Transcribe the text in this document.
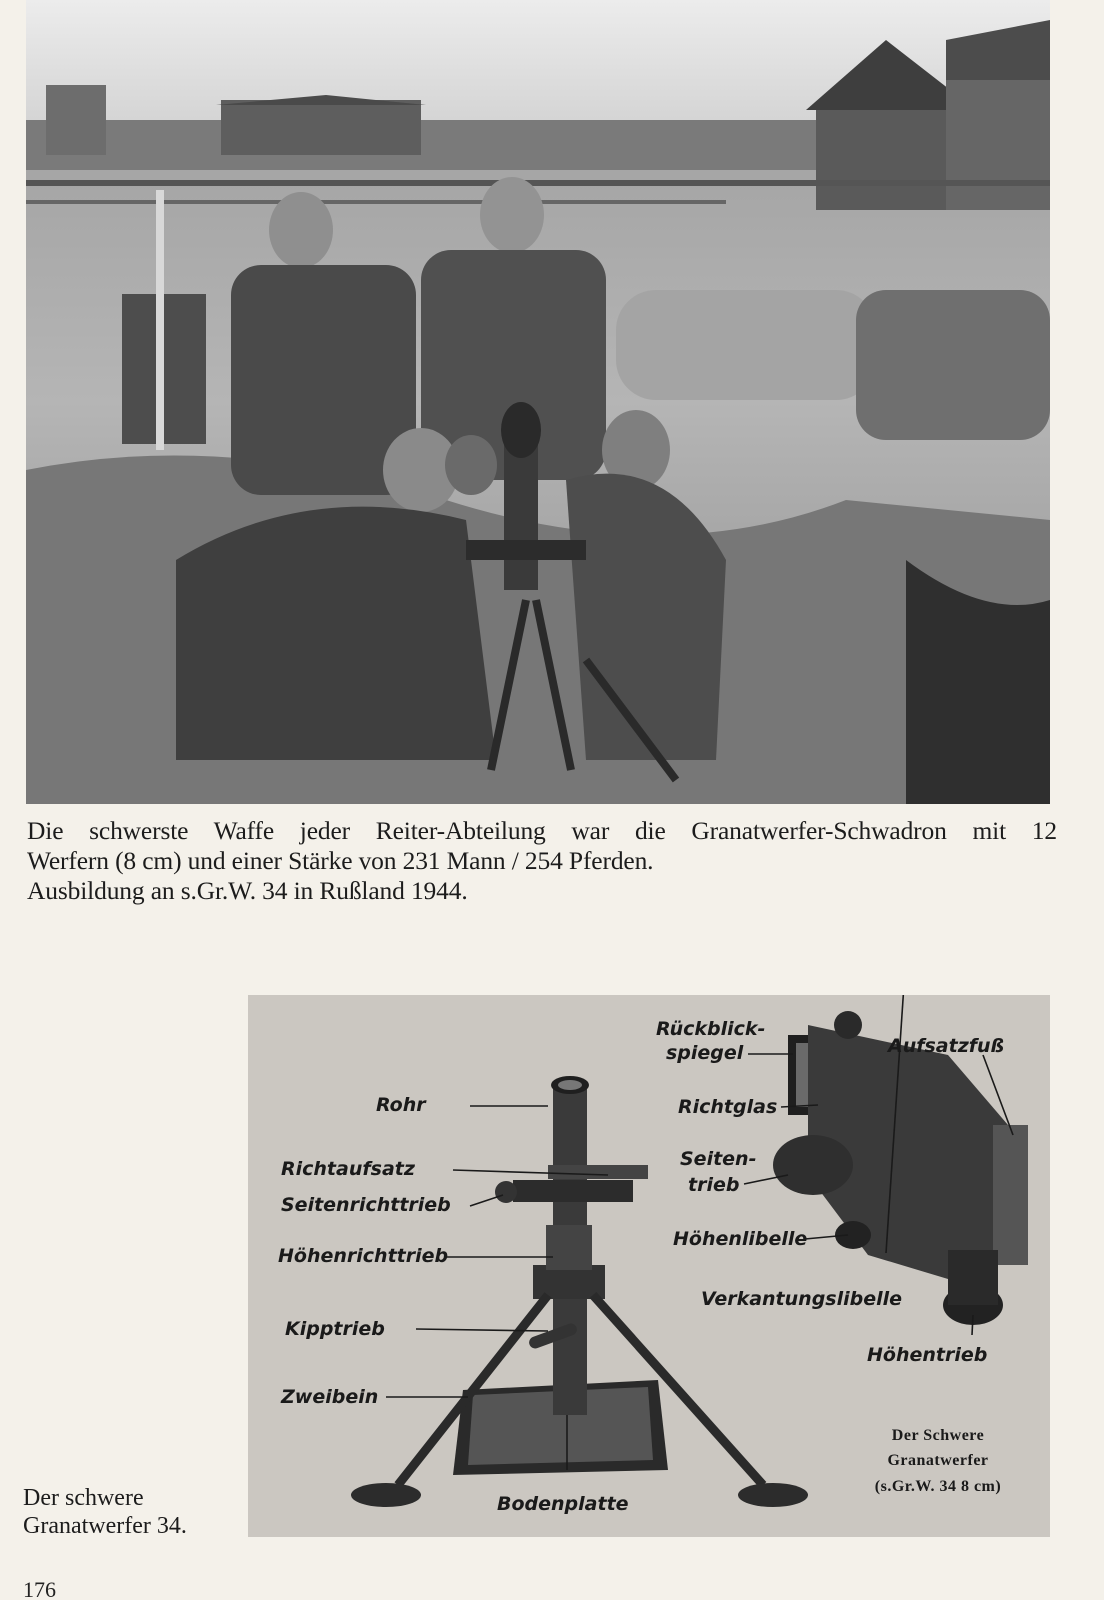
Die schwerste Waffe jeder Reiter-Abteilung war die Granatwerfer-Schwadron mit 12
Werfern (8 cm) und einer Stärke von 231 Mann / 254 Pferden.
Ausbildung an s.Gr.W. 34 in Rußland 1944.
Rohr
Richtaufsatz
Seitenrichttrieb
Höhenrichttrieb
Kipptrieb
Zweibein
Bodenplatte
Rückblick-
spiegel	Aufsatzfuß
Richtglas
Seiten-
trieb
Höhenlibelle
Verkantungslibelle
Höhentrieb
Der Schwere
Granatwerfer
(s.Gr.W. 34 8 cm)
Der schwere
Granatwerfer 34.
176
